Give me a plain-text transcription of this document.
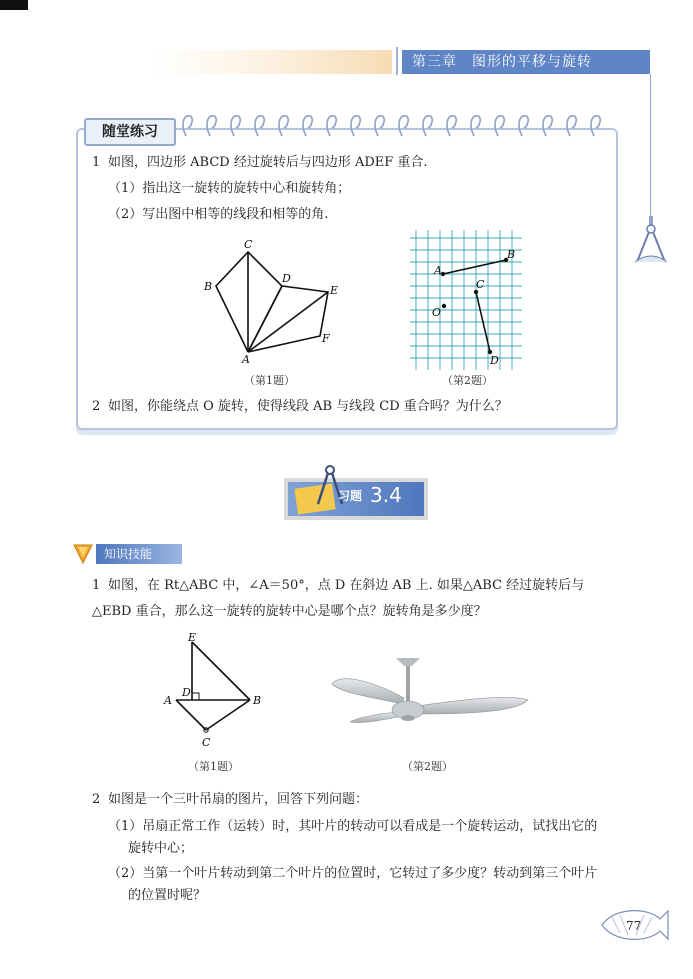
第三章　图形的平移与旋转
随堂练习
1 如图，四边形 ABCD 经过旋转后与四边形 ADEF 重合.
（1）指出这一旋转的旋转中心和旋转角；
（2）写出图中相等的线段和相等的角.
A
B
C
D
E
F
（第1题）
A
B
C
D
O
（第2题）
2 如图，你能绕点 O 旋转，使得线段 AB 与线段 CD 重合吗？为什么？
习题 3.4
知识技能
1 如图，在 Rt△ABC 中，∠A＝50°，点 D 在斜边 AB 上. 如果△ABC 经过旋转后与
△EBD 重合，那么这一旋转的旋转中心是哪个点？旋转角是多少度？
E
D
A	B
C
（第1题）	（第2题）
2 如图是一个三叶吊扇的图片，回答下列问题：
（1）吊扇正常工作（运转）时，其叶片的转动可以看成是一个旋转运动，试找出它的
旋转中心；
（2）当第一个叶片转动到第二个叶片的位置时，它转过了多少度？转动到第三个叶片
的位置时呢？
77
